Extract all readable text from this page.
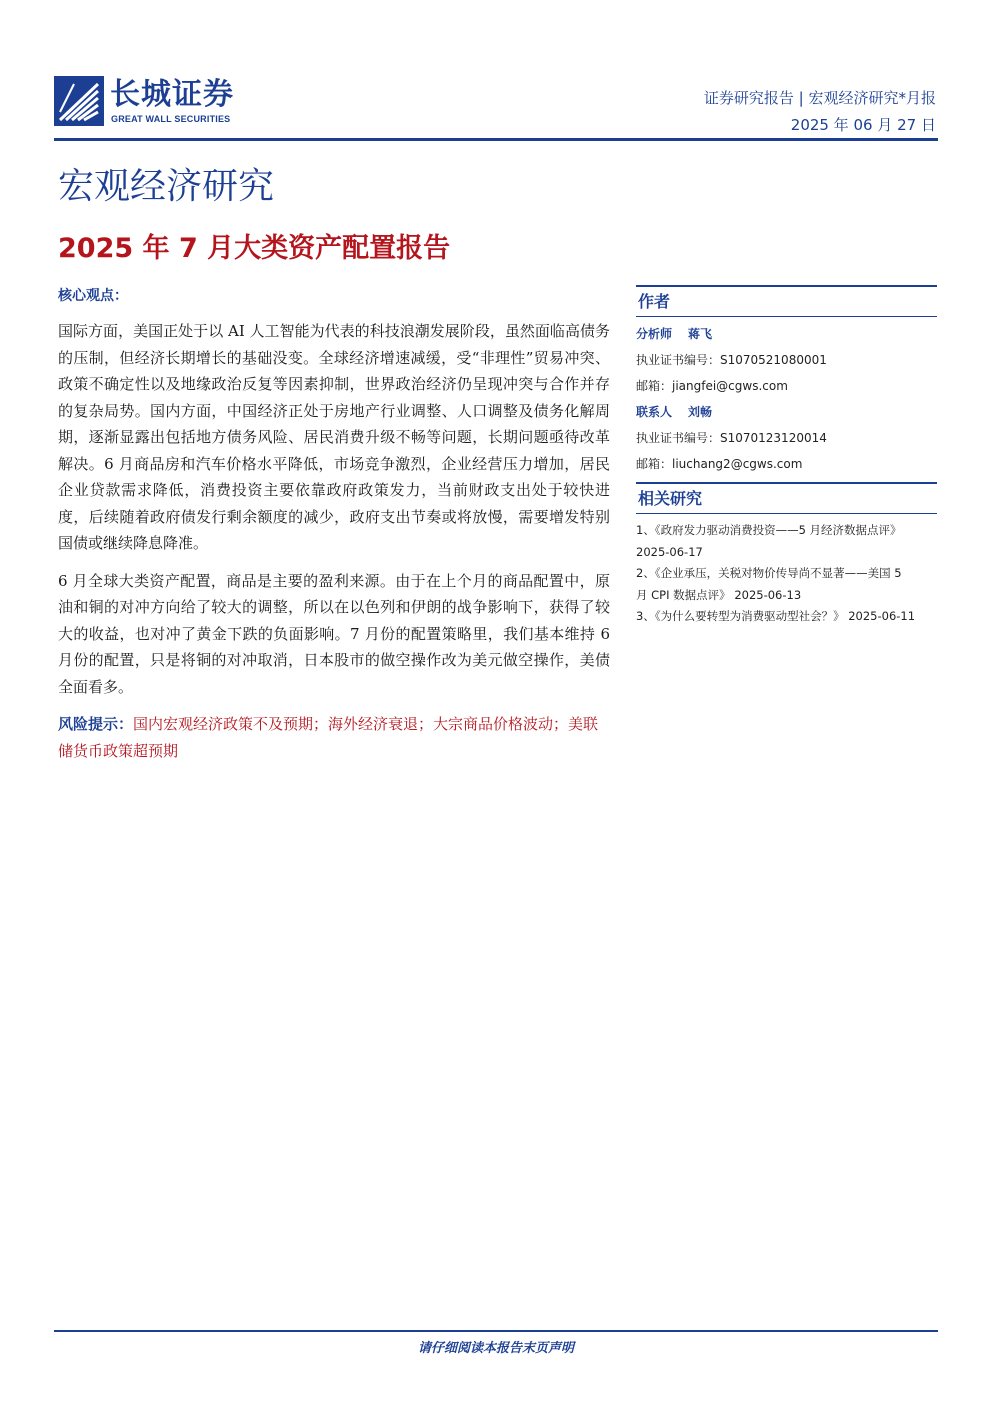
长城证券
GREAT WALL SECURITIES
证券研究报告 | 宏观经济研究*月报
2025 年 06 月 27 日
宏观经济研究
2025 年 7 月大类资产配置报告
核心观点：

国际方面，美国正处于以 AI 人工智能为代表的科技浪潮发展阶段，虽然面临高债务的压制，但经济长期增长的基础没变。全球经济增速减缓，受“非理性”贸易冲突、政策不确定性以及地缘政治反复等因素抑制，世界政治经济仍呈现冲突与合作并存的复杂局势。国内方面，中国经济正处于房地产行业调整、人口调整及债务化解周期，逐渐显露出包括地方债务风险、居民消费升级不畅等问题，长期问题亟待改革解决。6 月商品房和汽车价格水平降低，市场竞争激烈，企业经营压力增加，居民企业贷款需求降低，消费投资主要依靠政府政策发力，当前财政支出处于较快进度，后续随着政府债发行剩余额度的减少，政府支出节奏或将放慢，需要增发特别国债或继续降息降准。

6 月全球大类资产配置，商品是主要的盈利来源。由于在上个月的商品配置中，原油和铜的对冲方向给了较大的调整，所以在以色列和伊朗的战争影响下，获得了较大的收益，也对冲了黄金下跌的负面影响。7 月份的配置策略里，我们基本维持 6 月份的配置，只是将铜的对冲取消，日本股市的做空操作改为美元做空操作，美债全面看多。

风险提示：国内宏观经济政策不及预期；海外经济衰退；大宗商品价格波动；美联储货币政策超预期
作者
分析师 蒋飞
执业证书编号：S1070521080001
邮箱：jiangfei@cgws.com
联系人 刘畅
执业证书编号：S1070123120014
邮箱：liuchang2@cgws.com
相关研究
1、《政府发力驱动消费投资——5 月经济数据点评》
2025-06-17
2、《企业承压，关税对物价传导尚不显著——美国 5
月 CPI 数据点评》 2025-06-13
3、《为什么要转型为消费驱动型社会？》 2025-06-11
请仔细阅读本报告末页声明
